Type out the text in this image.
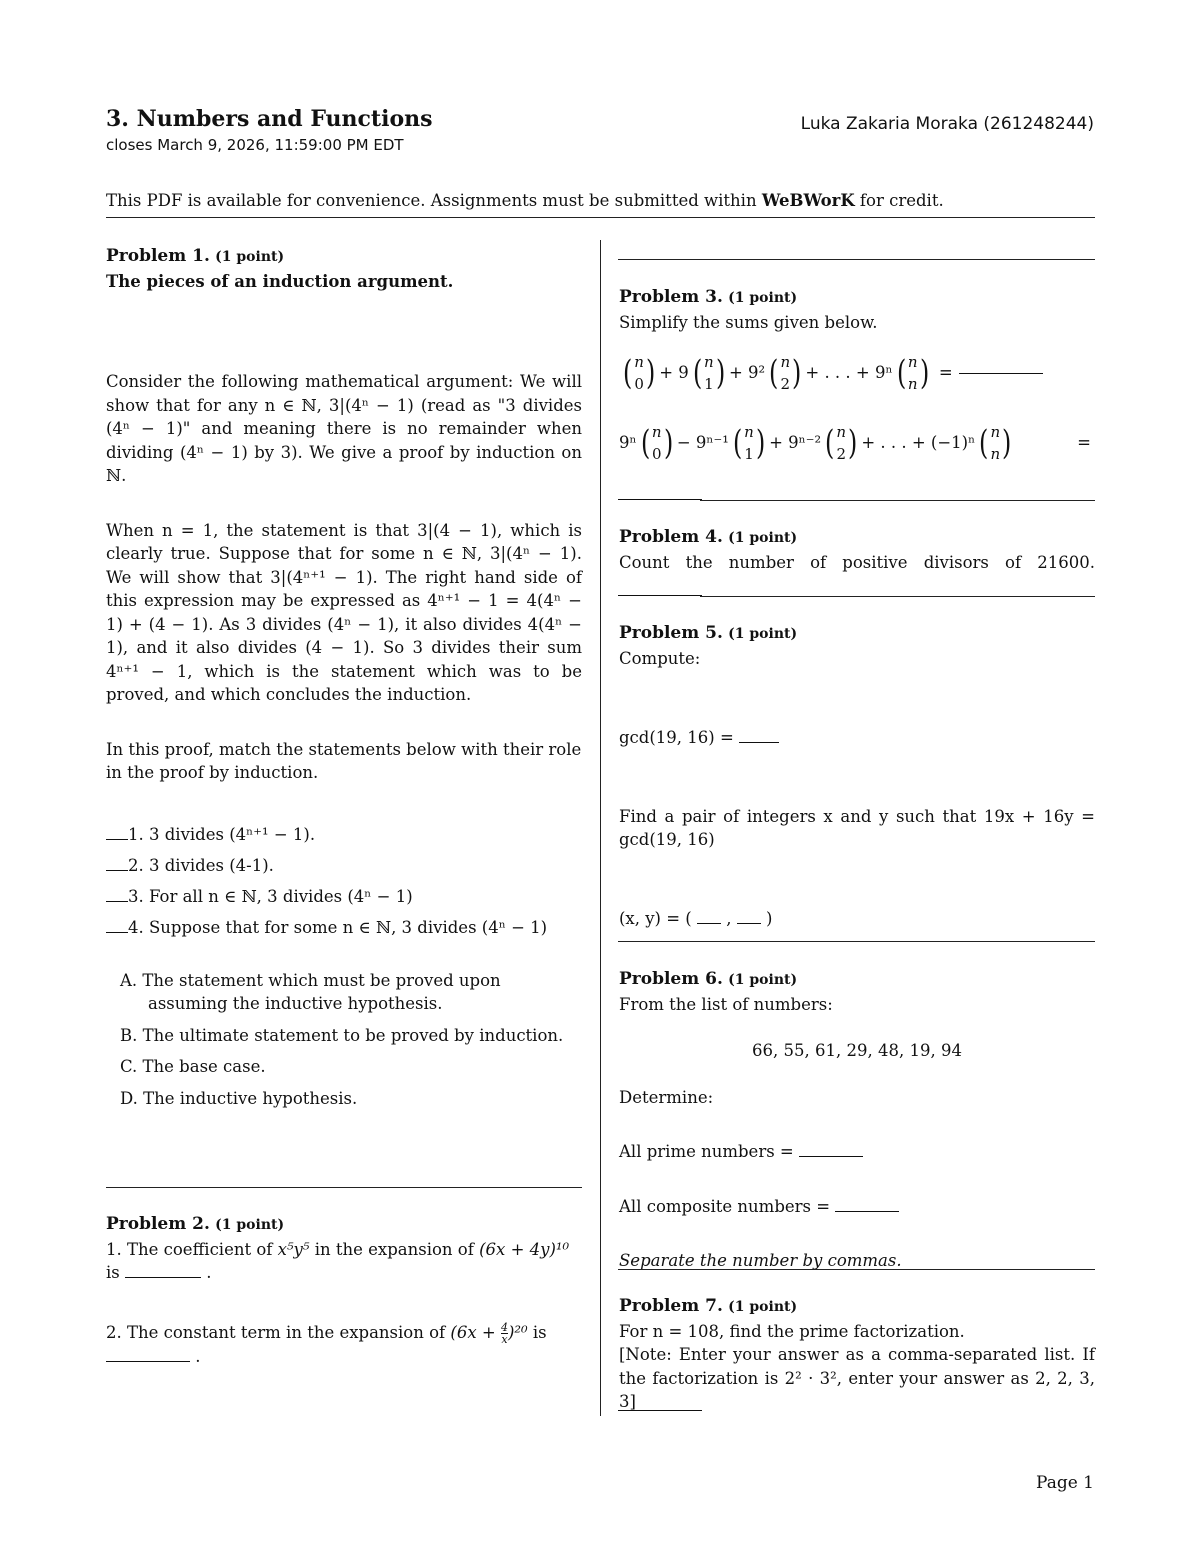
3. Numbers and Functions
closes March 9, 2026, 11:59:00 PM EDT
Luka Zakaria Moraka (261248244)
This PDF is available for convenience. Assignments must be submitted within WeBWorK for credit.
Problem 1. (1 point)
The pieces of an induction argument.
Consider the following mathematical argument: We will show that for any n ∈ ℕ, 3|(4ⁿ − 1) (read as "3 divides (4ⁿ − 1)" and meaning there is no remainder when dividing (4ⁿ − 1) by 3). We give a proof by induction on ℕ.
When n = 1, the statement is that 3|(4 − 1), which is clearly true. Suppose that for some n ∈ ℕ, 3|(4ⁿ − 1). We will show that 3|(4ⁿ⁺¹ − 1). The right hand side of this expression may be expressed as 4ⁿ⁺¹ − 1 = 4(4ⁿ − 1) + (4 − 1). As 3 divides (4ⁿ − 1), it also divides 4(4ⁿ − 1), and it also divides (4 − 1). So 3 divides their sum 4ⁿ⁺¹ − 1, which is the statement which was to be proved, and which concludes the induction.
In this proof, match the statements below with their role in the proof by induction.
1. 3 divides (4ⁿ⁺¹ − 1).
2. 3 divides (4-1).
3. For all n ∈ ℕ, 3 divides (4ⁿ − 1)
4. Suppose that for some n ∈ ℕ, 3 divides (4ⁿ − 1)
A. The statement which must be proved upon assuming the inductive hypothesis.
B. The ultimate statement to be proved by induction.
C. The base case.
D. The inductive hypothesis.
Problem 2. (1 point)
1. The coefficient of x⁵y⁵ in the expansion of (6x + 4y)¹⁰
is	.
2. The constant term in the expansion of $(6x + \frac{4}{x} )^{20}$ is
.
Problem 3. (1 point)
Simplify the sums given below.
( n
0 ) + 9 ( n
1 ) + 9² ( n
2 ) + . . . + 9ⁿ ( n
n ) =
9ⁿ ( n
0 ) − 9ⁿ⁻¹ ( n
1 ) + 9ⁿ⁻² ( n
2 ) + . . . + (−1)ⁿ ( n
n )	=
Problem 4. (1 point)
Count the number of positive divisors of 21600.
Problem 5. (1 point)
Compute:
gcd(19, 16) =
Find a pair of integers x and y such that 19x + 16y = gcd(19, 16)
(x, y) = ( , )
Problem 6. (1 point)
From the list of numbers:
66, 55, 61, 29, 48, 19, 94
Determine:
All prime numbers =
All composite numbers =
Separate the number by commas.
Problem 7. (1 point)
For n = 108, find the prime factorization.
[Note: Enter your answer as a comma-separated list. If the factorization is 2² · 3², enter your answer as 2, 2, 3, 3]
Page 1
